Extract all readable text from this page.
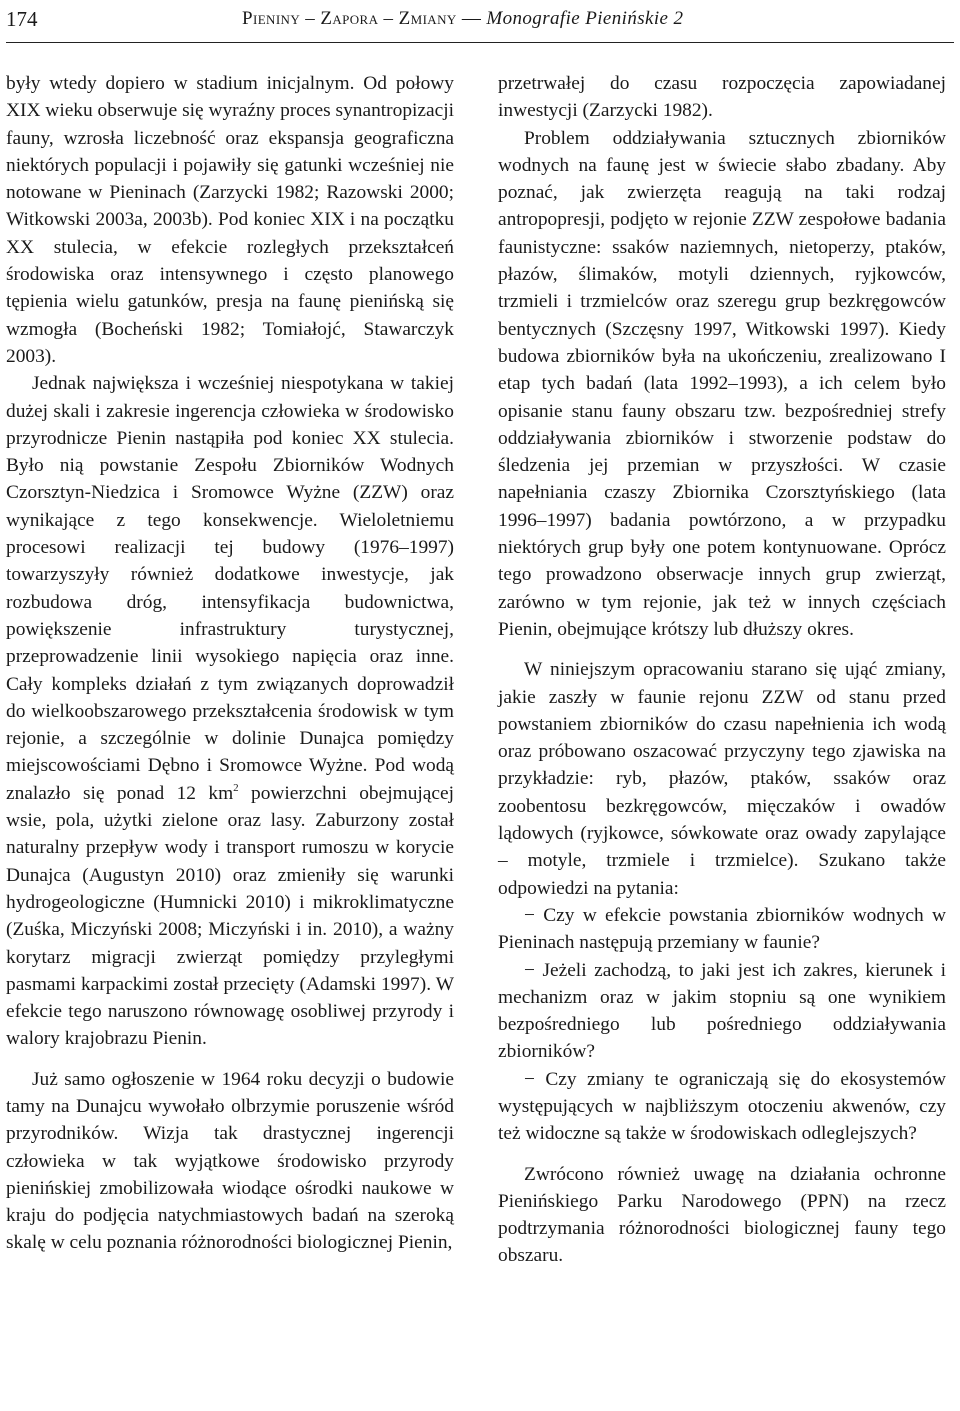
174	Pieniny – Zapora – Zmiany — Monografie Pienińskie 2

były wtedy dopiero w stadium inicjalnym. Od połowy XIX wieku obserwuje się wyraźny proces synantropizacji fauny, wzrosła liczebność oraz ekspansja geograficzna niektórych populacji i pojawiły się gatunki wcześniej nie notowane w Pieninach (Zarzycki 1982; Razowski 2000; Witkowski 2003a, 2003b). Pod koniec XIX i na początku XX stulecia, w efekcie rozległych przekształceń środowiska oraz intensywnego i często planowego tępienia wielu gatunków, presja na faunę pienińską się wzmogła (Bocheński 1982; Tomiałojć, Stawarczyk 2003).

Jednak największa i wcześniej niespotykana w takiej dużej skali i zakresie ingerencja człowieka w środowisko przyrodnicze Pienin nastąpiła pod koniec XX stulecia. Było nią powstanie Zespołu Zbiorników Wodnych Czorsztyn-Niedzica i Sromowce Wyżne (ZZW) oraz wynikające z tego konsekwencje. Wieloletniemu procesowi realizacji tej budowy (1976–1997) towarzyszyły również dodatkowe inwestycje, jak rozbudowa dróg, intensyfikacja budownictwa, powiększenie infrastruktury turystycznej, przeprowadzenie linii wysokiego napięcia oraz inne. Cały kompleks działań z tym związanych doprowadził do wielkoobszarowego przekształcenia środowisk w tym rejonie, a szczególnie w dolinie Dunajca pomiędzy miejscowościami Dębno i Sromowce Wyżne. Pod wodą znalazło się ponad 12 $km^2$ powierzchni obejmującej wsie, pola, użytki zielone oraz lasy. Zaburzony został naturalny przepływ wody i transport rumoszu w korycie Dunajca (Augustyn 2010) oraz zmieniły się warunki hydrogeologiczne (Humnicki 2010) i mikroklimatyczne (Zuśka, Miczyński 2008; Miczyński i in. 2010), a ważny korytarz migracji zwierząt pomiędzy przyległymi pasmami karpackimi został przecięty (Adamski 1997). W efekcie tego naruszono równowagę osobliwej przyrody i walory krajobrazu Pienin.

Już samo ogłoszenie w 1964 roku decyzji o budowie tamy na Dunajcu wywołało olbrzymie poruszenie wśród przyrodników. Wizja tak drastycznej ingerencji człowieka w tak wyjątkowe środowisko przyrody pienińskiej zmobilizowała wiodące ośrodki naukowe w kraju do podjęcia natychmiastowych badań na szeroką skalę w celu poznania różnorodności biologicznej Pienin,

przetrwałej do czasu rozpoczęcia zapowiadanej inwestycji (Zarzycki 1982).

Problem oddziaływania sztucznych zbiorników wodnych na faunę jest w świecie słabo zbadany. Aby poznać, jak zwierzęta reagują na taki rodzaj antropopresji, podjęto w rejonie ZZW zespołowe badania faunistyczne: ssaków naziemnych, nietoperzy, ptaków, płazów, ślimaków, motyli dziennych, ryjkowców, trzmieli i trzmielców oraz szeregu grup bezkręgowców bentycznych (Szczęsny 1997, Witkowski 1997). Kiedy budowa zbiorników była na ukończeniu, zrealizowano I etap tych badań (lata 1992–1993), a ich celem było opisanie stanu fauny obszaru tzw. bezpośredniej strefy oddziaływania zbiorników i stworzenie podstaw do śledzenia jej przemian w przyszłości. W czasie napełniania czaszy Zbiornika Czorsztyńskiego (lata 1996–1997) badania powtórzono, a w przypadku niektórych grup były one potem kontynuowane. Oprócz tego prowadzono obserwacje innych grup zwierząt, zarówno w tym rejonie, jak też w innych częściach Pienin, obejmujące krótszy lub dłuższy okres.

W niniejszym opracowaniu starano się ująć zmiany, jakie zaszły w faunie rejonu ZZW od stanu przed powstaniem zbiorników do czasu napełnienia ich wodą oraz próbowano oszacować przyczyny tego zjawiska na przykładzie: ryb, płazów, ptaków, ssaków oraz zoobentosu bezkręgowców, mięczaków i owadów lądowych (ryjkowce, sówkowate oraz owady zapylające – motyle, trzmiele i trzmielce). Szukano także odpowiedzi na pytania:

− Czy w efekcie powstania zbiorników wodnych w Pieninach następują przemiany w faunie?

− Jeżeli zachodzą, to jaki jest ich zakres, kierunek i mechanizm oraz w jakim stopniu są one wynikiem bezpośredniego lub pośredniego oddziaływania zbiorników?

− Czy zmiany te ograniczają się do ekosystemów występujących w najbliższym otoczeniu akwenów, czy też widoczne są także w środowiskach odleglejszych?

Zwrócono również uwagę na działania ochronne Pienińskiego Parku Narodowego (PPN) na rzecz podtrzymania różnorodności biologicznej fauny tego obszaru.
